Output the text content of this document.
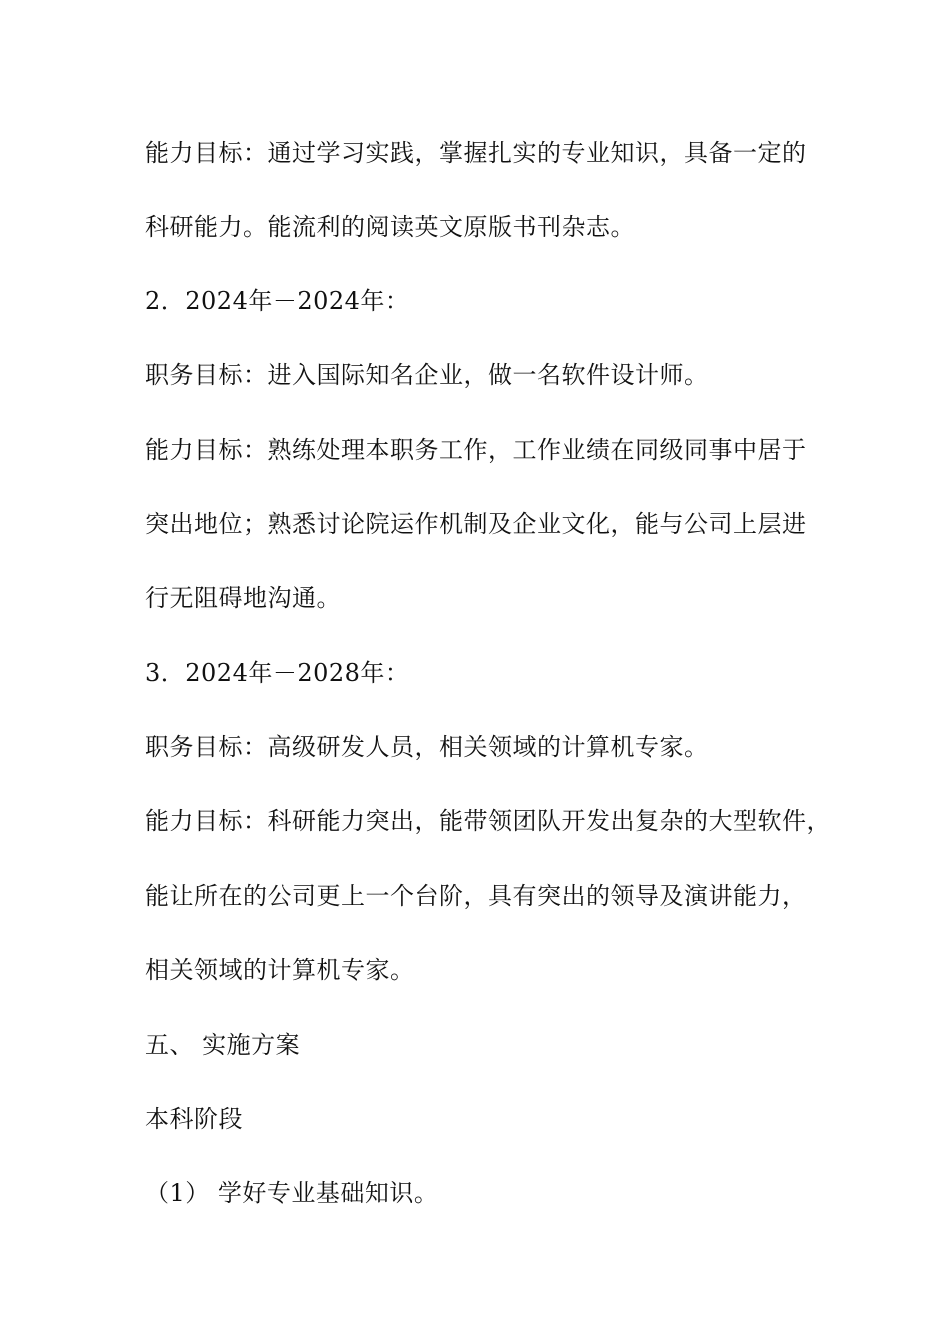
能力目标：通过学习实践，掌握扎实的专业知识，具备一定的
科研能力。能流利的阅读英文原版书刊杂志。
2．2024年－2024年：
职务目标：进入国际知名企业，做一名软件设计师。
能力目标：熟练处理本职务工作，工作业绩在同级同事中居于
突出地位；熟悉讨论院运作机制及企业文化，能与公司上层进
行无阻碍地沟通。
3．2024年－2028年：
职务目标：高级研发人员，相关领域的计算机专家。
能力目标：科研能力突出，能带领团队开发出复杂的大型软件，
能让所在的公司更上一个台阶，具有突出的领导及演讲能力，
相关领域的计算机专家。
五、 实施方案
本科阶段
（1） 学好专业基础知识。
